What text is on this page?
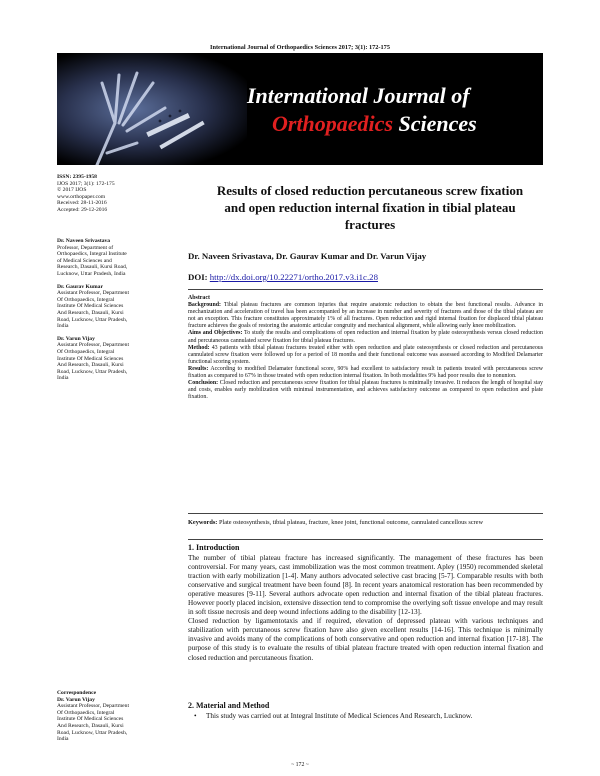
International Journal of Orthopaedics Sciences 2017; 3(1): 172-175
International Journal of
Orthopaedics Sciences
ISSN: 2395-1958
IJOS 2017; 3(1): 172-175
© 2017 IJOS
www.orthopaper.com
Received: 28-11-2016
Accepted: 29-12-2016
Dr. Naveen Srivastava
Professor, Department of
Orthopaedics, Integral Institute
of Medical Sciences and
Research, Dasauli, Kursi Road,
Lucknow, Uttar Pradesh, India
Dr. Gaurav Kumar
Assistant Professor, Department
Of Orthopaedics, Integral
Institute Of Medical Sciences
And Research, Dasauli, Kursi
Road, Lucknow, Uttar Pradesh,
India
Dr. Varun Vijay
Assistant Professor, Department
Of Orthopaedics, Integral
Institute Of Medical Sciences
And Research, Dasauli, Kursi
Road, Lucknow, Uttar Pradesh,
India
Correspondence
Dr. Varun Vijay
Assistant Professor, Department
Of Orthopaedics, Integral
Institute Of Medical Sciences
And Research, Dasauli, Kursi
Road, Lucknow, Uttar Pradesh,
India
Results of closed reduction percutaneous screw fixation
and open reduction internal fixation in tibial plateau
fractures
Dr. Naveen Srivastava, Dr. Gaurav Kumar and Dr. Varun Vijay
DOI: http://dx.doi.org/10.22271/ortho.2017.v3.i1c.28
Abstract
Background: Tibial plateau fractures are common injuries that require anatomic reduction to obtain the best functional results. Advance in mechanization and acceleration of travel has been accompanied by an increase in number and severity of fractures and those of the tibial plateau are not an exception. This fracture constitutes approximately 1% of all fractures. Open reduction and rigid internal fixation for displaced tibial plateau fracture achieves the goals of restoring the anatomic articular congruity and mechanical alignment, while allowing early knee mobilization.
Aims and Objectives: To study the results and complications of open reduction and internal fixation by plate osteosynthesis versus closed reduction and percutaneous cannulated screw fixation for tibial plateau fractures.
Method: 43 patients with tibial plateau fractures treated either with open reduction and plate osteosynthesis or closed reduction and percutaneous cannulated screw fixation were followed up for a period of 18 months and their functional outcome was assessed according to Modified Delamarter functional scoring system.
Results: According to modified Delamater functional score, 90% had excellent to satisfactory result in patients treated with percutaneous screw fixation as compared to 67% in those treated with open reduction internal fixation. In both modalities 9% had poor results due to nonunion.
Conclusion: Closed reduction and percutaneous screw fixation for tibial plateau fractures is minimally invasive. It reduces the length of hospital stay and costs, enables early mobilization with minimal instrumentation, and achieves satisfactory outcome as compared to open reduction and plate fixation.
Keywords: Plate osteosynthesis, tibial plateau, fracture, knee joint, functional outcome, cannulated cancellous screw
1. Introduction

The number of tibial plateau fracture has increased significantly. The management of these fractures has been controversial. For many years, cast immobilization was the most common treatment. Apley (1950) recommended skeletal traction with early mobilization [1-4]. Many authors advocated selective cast bracing [5-7]. Comparable results with both conservative and surgical treatment have been found [8]. In recent years anatomical restoration has been recommended by operative measures [9-11]. Several authors advocate open reduction and internal fixation of the tibial plateau fractures. However poorly placed incision, extensive dissection tend to compromise the overlying soft tissue envelope and may result in soft tissue necrosis and deep wound infections adding to the disability [12-13].

Closed reduction by ligamentotaxis and if required, elevation of depressed plateau with various techniques and stabilization with percutaneous screw fixation have also given excellent results [14-16]. This technique is minimally invasive and avoids many of the complications of both conservative and open reduction and internal fixation [17-18]. The purpose of this study is to evaluate the results of tibial plateau fracture treated with open reduction internal fixation and closed reduction and percutaneous fixation.

2. Material and Method
• This study was carried out at Integral Institute of Medical Sciences And Research, Lucknow.
~ 172 ~
